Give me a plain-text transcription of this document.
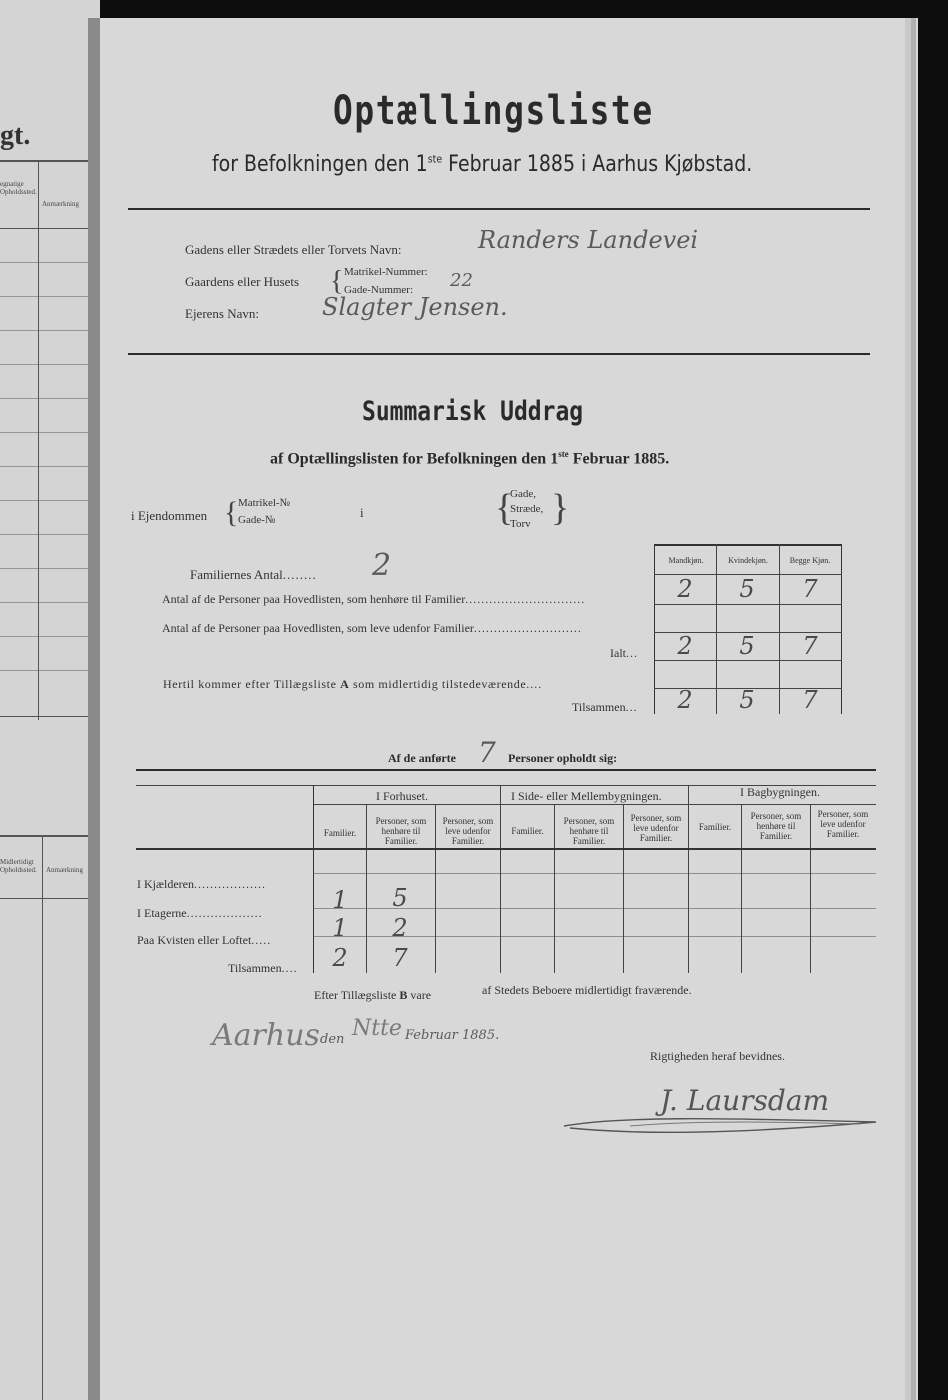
gt.
egnatige Opholdssted.
Anmærkning
Midlertidigt Opholdssted.	Anmærkning
Optællingsliste
for Befolkningen den 1ste Februar 1885 i Aarhus Kjøbstad.
Gadens eller Strædets eller Torvets Navn:	Randers Landevei
Gaardens eller Husets { Matrikel-Nummer:
Gade-Nummer: 22
Ejerens Navn:	Slagter Jensen.
Summarisk Uddrag
af Optællingslisten for Befolkningen den 1ste Februar 1885.
i Ejendommen { Matrikel-№
Gade-№	i	{
Gade,
Stræde,
Torv }
Familiernes Antal........ 2	Mandkjøn.	Kvindekjøn.	Begge Kjøn.
Antal af de Personer paa Hovedlisten, som henhøre til Familier..............................	2	5	7
Antal af de Personer paa Hovedlisten, som leve udenfor Familier...........................
Ialt...	2	5	7
Hertil kommer efter Tillægsliste A som midlertidig tilstedeværende....
Tilsammen...	2	5	7
Af de anførte 7 Personer opholdt sig:
I Forhuset.	I Side- eller Mellembygningen.	I Bagbygningen.
Familier.
Personer, som henhøre til Familier.
Personer, som leve udenfor Familier.
Familier.
Personer, som henhøre til Familier.
Personer, som leve udenfor Familier.
Familier.
Personer, som henhøre til Familier.
Personer, som leve udenfor Familier.
I Kjælderen..................
I Etagerne...................	1	5
Paa Kvisten eller Loftet.....	1	2
Tilsammen....	2	7
Efter Tillægsliste B vare	af Stedets Beboere midlertidigt fraværende.
Aarhus den Ntte Februar 1885.
Rigtigheden heraf bevidnes.
J. Laursdam
